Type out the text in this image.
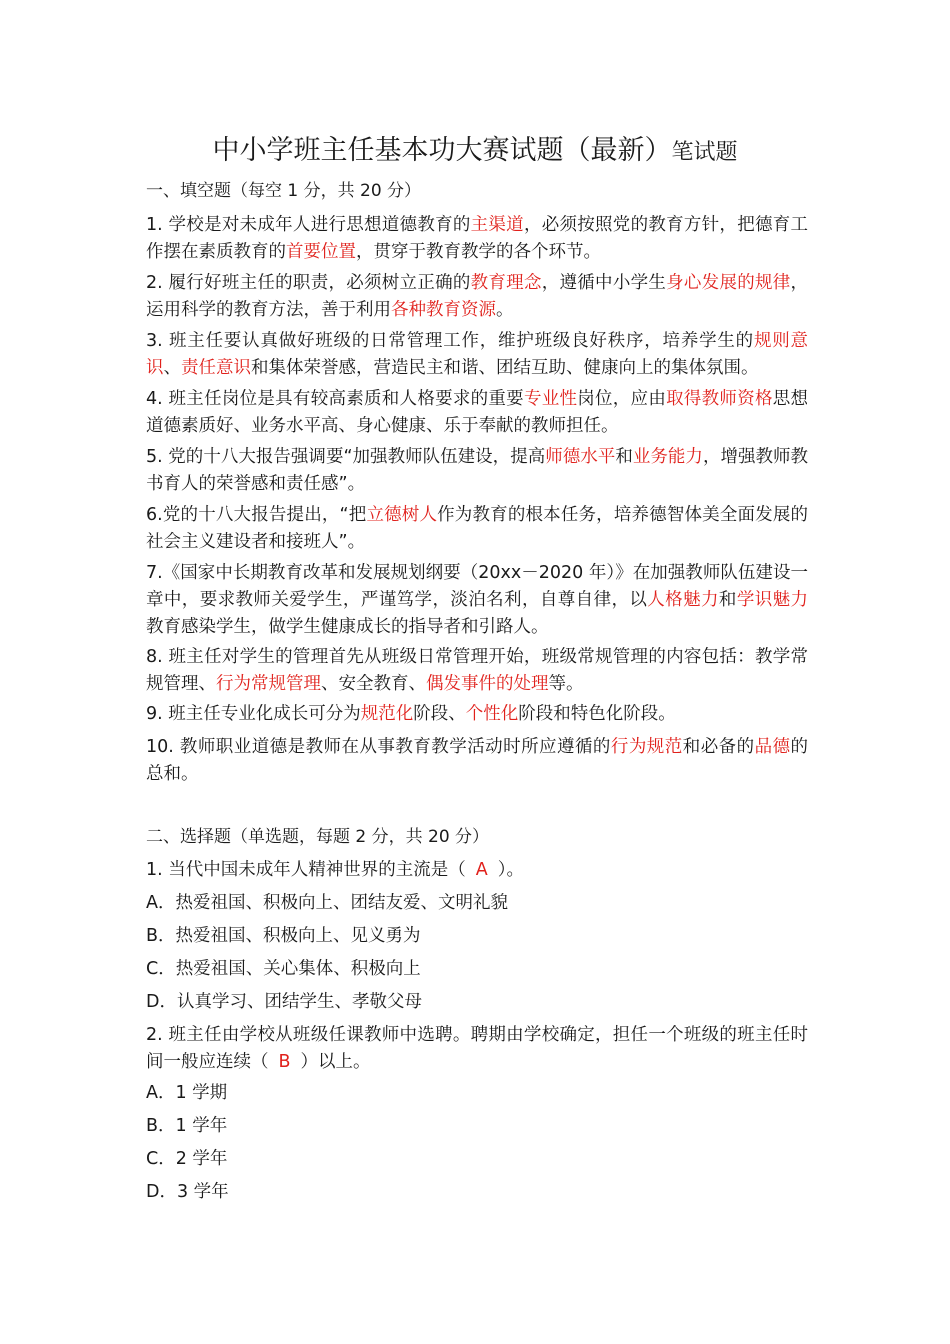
中小学班主任基本功大赛试题（最新）笔试题

一、填空题（每空 1 分，共 20 分）

1. 学校是对未成年人进行思想道德教育的主渠道，必须按照党的教育方针，把德育工作摆在素质教育的首要位置，贯穿于教育教学的各个环节。

2. 履行好班主任的职责，必须树立正确的教育理念，遵循中小学生身心发展的规律，运用科学的教育方法，善于利用各种教育资源。

3. 班主任要认真做好班级的日常管理工作，维护班级良好秩序，培养学生的规则意识、责任意识和集体荣誉感，营造民主和谐、团结互助、健康向上的集体氛围。

4. 班主任岗位是具有较高素质和人格要求的重要专业性岗位，应由取得教师资格思想道德素质好、业务水平高、身心健康、乐于奉献的教师担任。

5. 党的十八大报告强调要“加强教师队伍建设，提高师德水平和业务能力，增强教师教书育人的荣誉感和责任感”。

6.党的十八大报告提出，“把立德树人作为教育的根本任务，培养德智体美全面发展的社会主义建设者和接班人”。

7.《国家中长期教育改革和发展规划纲要（20xx－2020 年）》在加强教师队伍建设一章中，要求教师关爱学生，严谨笃学，淡泊名利，自尊自律，以人格魅力和学识魅力教育感染学生，做学生健康成长的指导者和引路人。

8. 班主任对学生的管理首先从班级日常管理开始，班级常规管理的内容包括：教学常规管理、行为常规管理、安全教育、偶发事件的处理等。

9. 班主任专业化成长可分为规范化阶段、个性化阶段和特色化阶段。

10. 教师职业道德是教师在从事教育教学活动时所应遵循的行为规范和必备的品德的总和。

二、选择题（单选题，每题 2 分，共 20 分）

1. 当代中国未成年人精神世界的主流是（ A ）。

A．热爱祖国、积极向上、团结友爱、文明礼貌

B．热爱祖国、积极向上、见义勇为

C．热爱祖国、关心集体、积极向上

D．认真学习、团结学生、孝敬父母

2. 班主任由学校从班级任课教师中选聘。聘期由学校确定，担任一个班级的班主任时间一般应连续（ B ）以上。

A．1 学期

B．1 学年

C．2 学年

D．3 学年
